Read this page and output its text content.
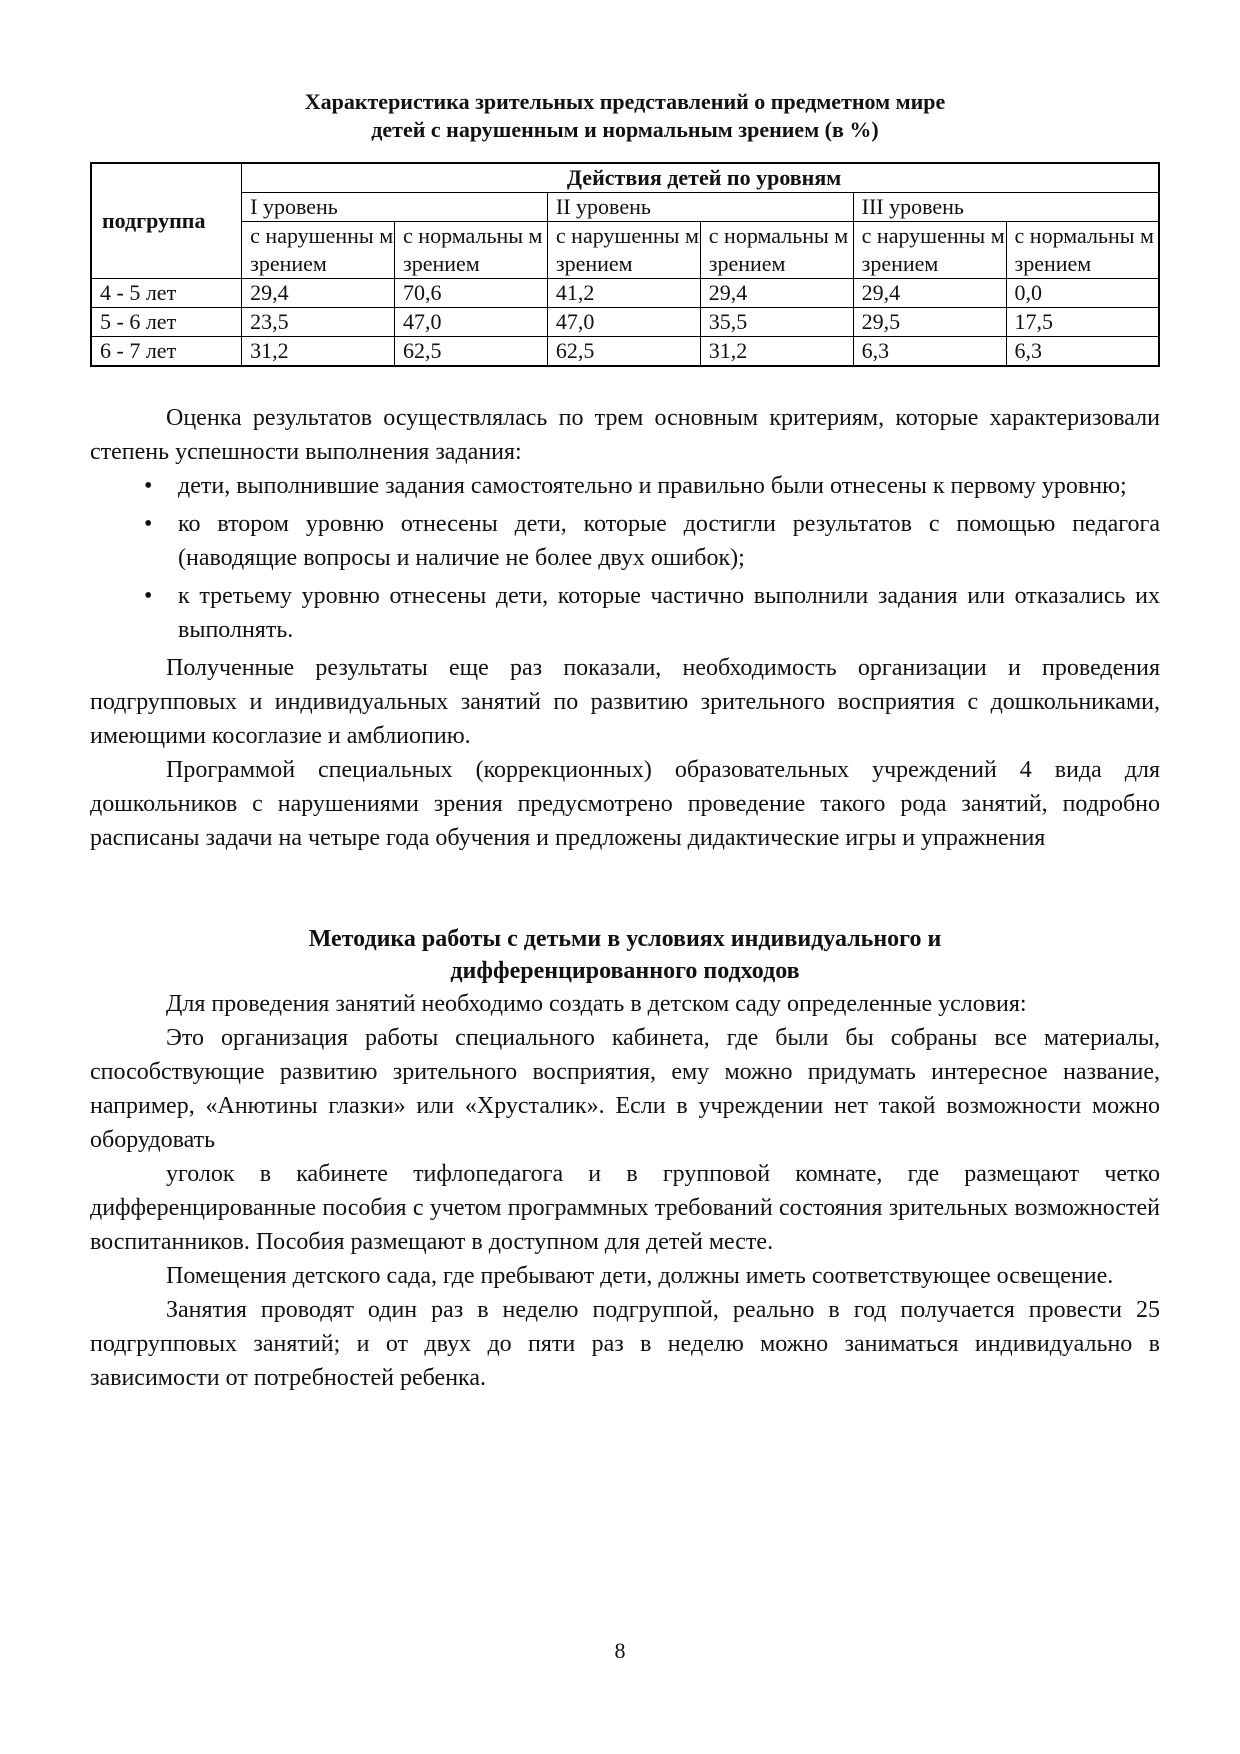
Характеристика зрительных представлений о предметном мире
детей с нарушенным и нормальным зрением (в %)
подгруппа	Действия детей по уровням					
	I уровень		II уровень		III уровень	
	с нарушенны м зрением	с нормальны м зрением	с нарушенны м зрением	с нормальны м зрением	с нарушенны м зрением	с нормальны м зрением
4 - 5 лет	29,4	70,6	41,2	29,4	29,4	0,0
5 - 6 лет	23,5	47,0	47,0	35,5	29,5	17,5
6 - 7 лет	31,2	62,5	62,5	31,2	6,3	6,3

Оценка результатов осуществлялась по трем основным критериям, которые характеризовали степень успешности выполнения задания:

•	дети, выполнившие задания самостоятельно и правильно были отнесены к первому уровню;
•	ко втором уровню отнесены дети, которые достигли результатов с помощью педагога (наводящие вопросы и наличие не более двух ошибок);
•	к третьему уровню отнесены дети, которые частично выполнили задания или отказались их выполнять.

Полученные результаты еще раз показали, необходимость организации и проведения подгрупповых и индивидуальных занятий по развитию зрительного восприятия с дошкольниками, имеющими косоглазие и амблиопию.

Программой специальных (коррекционных) образовательных учреждений 4 вида для дошкольников с нарушениями зрения предусмотрено проведение такого рода занятий, подробно расписаны задачи на четыре года обучения и предложены дидактические игры и упражнения

Методика работы с детьми в условиях индивидуального и
дифференцированного подходов

Для проведения занятий необходимо создать в детском саду определенные условия:

Это организация работы специального кабинета, где были бы собраны все материалы, способствующие развитию зрительного восприятия, ему можно придумать интересное название, например, «Анютины глазки» или «Хрусталик». Если в учреждении нет такой возможности можно оборудовать

уголок в кабинете тифлопедагога и в групповой комнате, где размещают четко дифференцированные пособия с учетом программных требований состояния зрительных возможностей воспитанников. Пособия размещают в доступном для детей месте.

Помещения детского сада, где пребывают дети, должны иметь соответствующее освещение.

Занятия проводят один раз в неделю подгруппой, реально в год получается провести 25 подгрупповых занятий; и от двух до пяти раз в неделю можно заниматься индивидуально в зависимости от потребностей ребенка.

8
